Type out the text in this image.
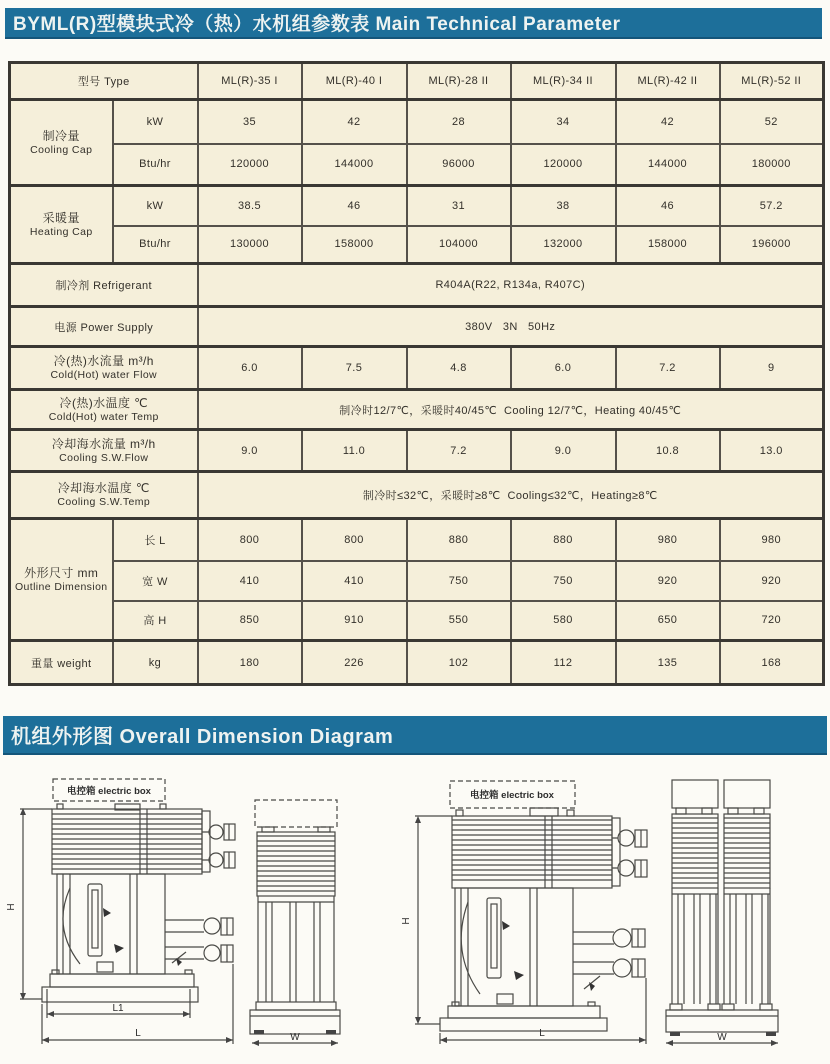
BYML(R)型模块式冷（热）水机组参数表 Main Technical Parameter
型号 Type		ML(R)-35 I	ML(R)-40 I	ML(R)-28 II	ML(R)-34 II	ML(R)-42 II	ML(R)-52 II

制冷量
Cooling Cap	kW	35	42	28	34	42	52
	Btu/hr	120000	144000	96000	120000	144000	180000

采暖量
Heating Cap	kW	38.5	46	31	38	46	57.2
	Btu/hr	130000	158000	104000	132000	158000	196000
制冷剂 Refrigerant		R404A(R22, R134a, R407C)					
电源 Power Supply		380V   3N   50Hz					

冷(热)水流量 m³/h
Cold(Hot) water Flow		6.0	7.5	4.8	6.0	7.2	9

冷(热)水温度 ℃
Cold(Hot) water Temp		制冷时12/7℃，采暖时40/45℃  Cooling 12/7℃，Heating 40/45℃					

冷却海水流量 m³/h
Cooling S.W.Flow		9.0	11.0	7.2	9.0	10.8	13.0

冷却海水温度 ℃
Cooling S.W.Temp		制冷时≤32℃，采暖时≥8℃  Cooling≤32℃，Heating≥8℃					

外形尺寸 mm
Outline Dimension	长 L	800	800	880	880	980	980
	宽 W	410	410	750	750	920	920
	高 H	850	910	550	580	650	720
重量 weight	kg	180	226	102	112	135	168
机组外形图 Overall Dimension Diagram
电控箱 electric box
H
L1
L	W
电控箱 electric box
H
L	W
